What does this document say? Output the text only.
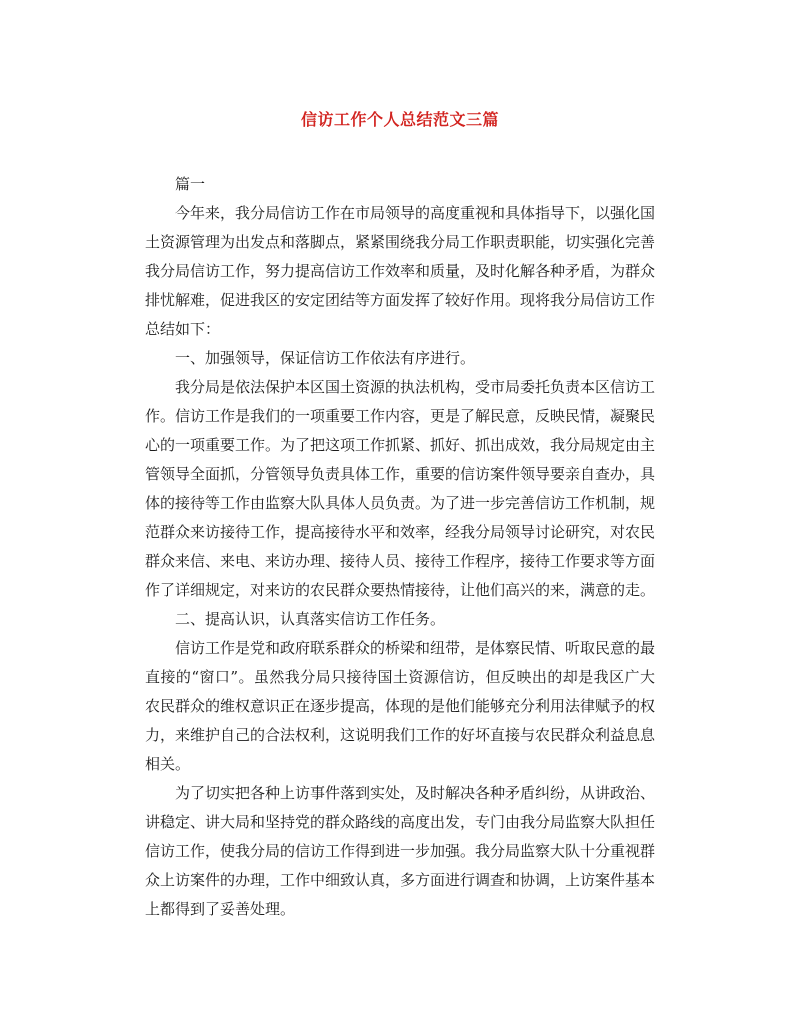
信访工作个人总结范文三篇

篇一

今年来，我分局信访工作在市局领导的高度重视和具体指导下，以强化国土资源管理为出发点和落脚点，紧紧围绕我分局工作职责职能，切实强化完善我分局信访工作，努力提高信访工作效率和质量，及时化解各种矛盾，为群众排忧解难，促进我区的安定团结等方面发挥了较好作用。现将我分局信访工作总结如下：

一、加强领导，保证信访工作依法有序进行。

我分局是依法保护本区国土资源的执法机构，受市局委托负责本区信访工作。信访工作是我们的一项重要工作内容，更是了解民意，反映民情，凝聚民心的一项重要工作。为了把这项工作抓紧、抓好、抓出成效，我分局规定由主管领导全面抓，分管领导负责具体工作，重要的信访案件领导要亲自查办，具体的接待等工作由监察大队具体人员负责。为了进一步完善信访工作机制，规范群众来访接待工作，提高接待水平和效率，经我分局领导讨论研究，对农民群众来信、来电、来访办理、接待人员、接待工作程序，接待工作要求等方面作了详细规定，对来访的农民群众要热情接待，让他们高兴的来，满意的走。

二、提高认识，认真落实信访工作任务。

信访工作是党和政府联系群众的桥梁和纽带，是体察民情、听取民意的最直接的“窗口”。虽然我分局只接待国土资源信访，但反映出的却是我区广大农民群众的维权意识正在逐步提高，体现的是他们能够充分利用法律赋予的权力，来维护自己的合法权利，这说明我们工作的好坏直接与农民群众利益息息相关。

为了切实把各种上访事件落到实处，及时解决各种矛盾纠纷，从讲政治、讲稳定、讲大局和坚持党的群众路线的高度出发，专门由我分局监察大队担任信访工作，使我分局的信访工作得到进一步加强。我分局监察大队十分重视群众上访案件的办理，工作中细致认真，多方面进行调查和协调，上访案件基本上都得到了妥善处理。
